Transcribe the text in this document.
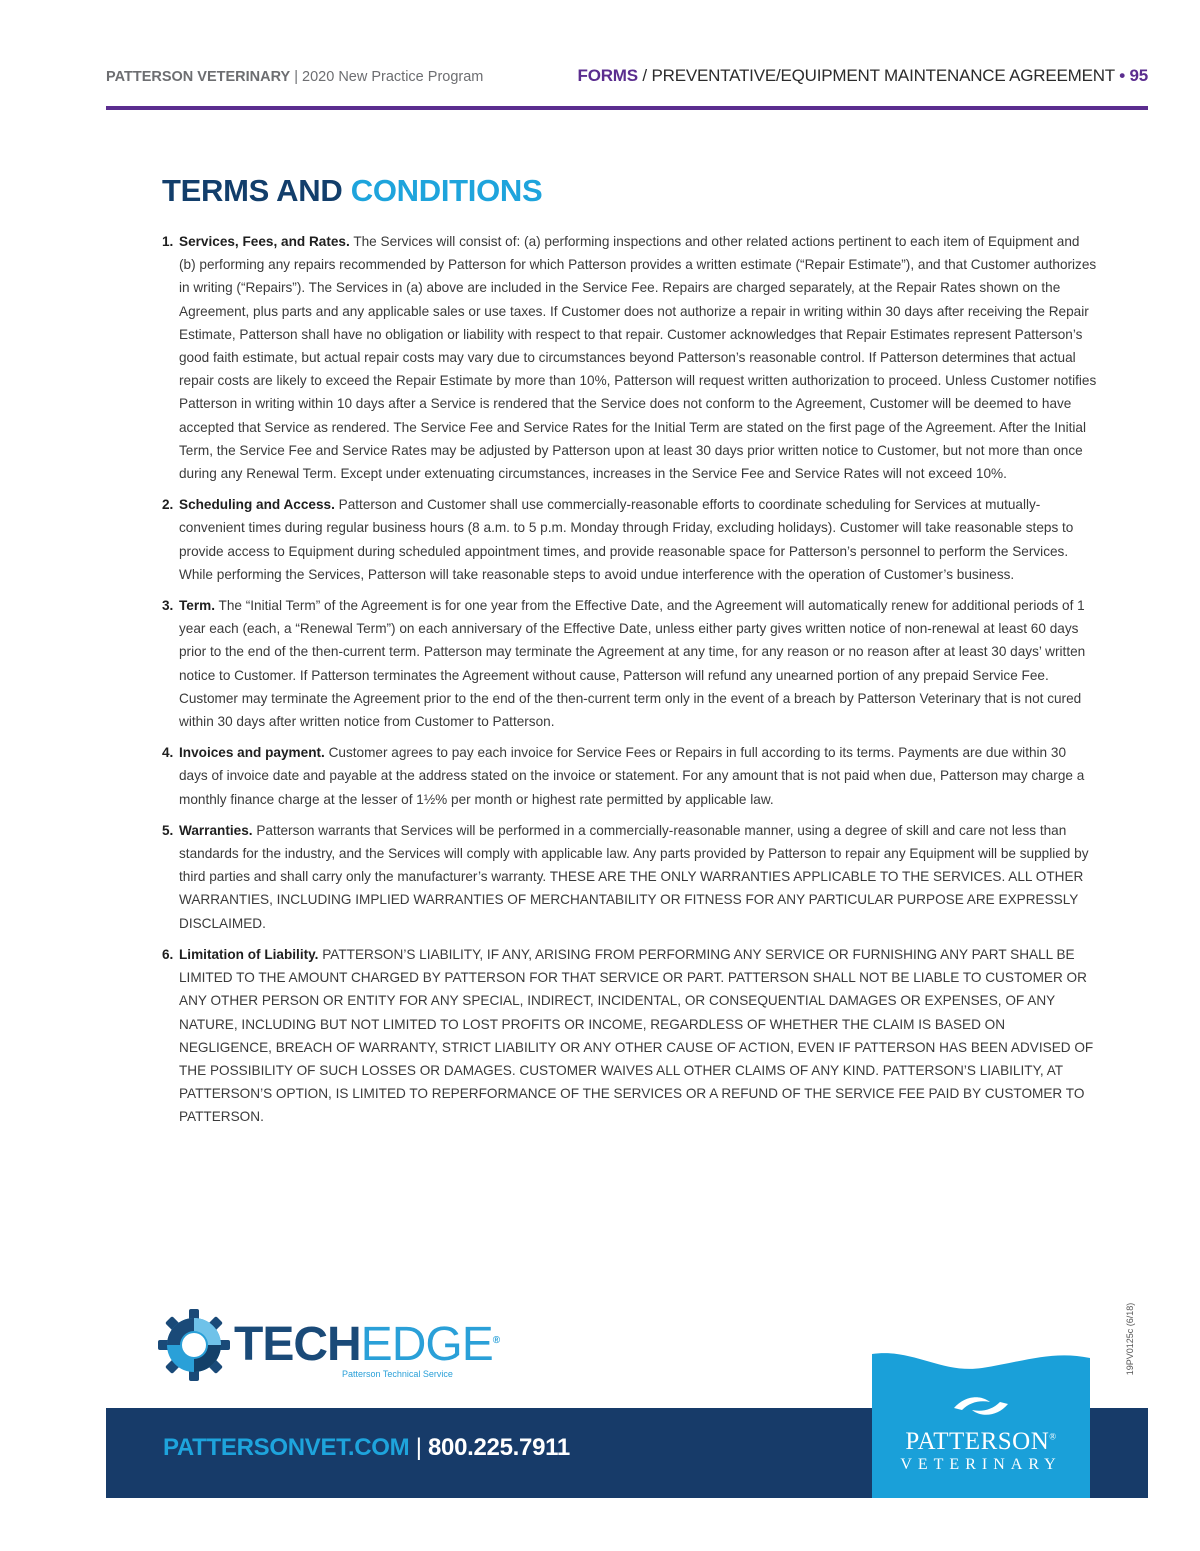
PATTERSON VETERINARY | 2020 New Practice Program	FORMS / PREVENTATIVE/EQUIPMENT MAINTENANCE AGREEMENT • 95
TERMS AND CONDITIONS
1. Services, Fees, and Rates. The Services will consist of: (a) performing inspections and other related actions pertinent to each item of Equipment and (b) performing any repairs recommended by Patterson for which Patterson provides a written estimate (“Repair Estimate”), and that Customer authorizes in writing (“Repairs”). The Services in (a) above are included in the Service Fee. Repairs are charged separately, at the Repair Rates shown on the Agreement, plus parts and any applicable sales or use taxes. If Customer does not authorize a repair in writing within 30 days after receiving the Repair Estimate, Patterson shall have no obligation or liability with respect to that repair. Customer acknowledges that Repair Estimates represent Patterson’s good faith estimate, but actual repair costs may vary due to circumstances beyond Patterson’s reasonable control. If Patterson determines that actual repair costs are likely to exceed the Repair Estimate by more than 10%, Patterson will request written authorization to proceed. Unless Customer notifies Patterson in writing within 10 days after a Service is rendered that the Service does not conform to the Agreement, Customer will be deemed to have accepted that Service as rendered. The Service Fee and Service Rates for the Initial Term are stated on the first page of the Agreement. After the Initial Term, the Service Fee and Service Rates may be adjusted by Patterson upon at least 30 days prior written notice to Customer, but not more than once during any Renewal Term. Except under extenuating circumstances, increases in the Service Fee and Service Rates will not exceed 10%.
2. Scheduling and Access. Patterson and Customer shall use commercially-reasonable efforts to coordinate scheduling for Services at mutually-convenient times during regular business hours (8 a.m. to 5 p.m. Monday through Friday, excluding holidays). Customer will take reasonable steps to provide access to Equipment during scheduled appointment times, and provide reasonable space for Patterson’s personnel to perform the Services. While performing the Services, Patterson will take reasonable steps to avoid undue interference with the operation of Customer’s business.
3. Term. The “Initial Term” of the Agreement is for one year from the Effective Date, and the Agreement will automatically renew for additional periods of 1 year each (each, a “Renewal Term”) on each anniversary of the Effective Date, unless either party gives written notice of non-renewal at least 60 days prior to the end of the then-current term. Patterson may terminate the Agreement at any time, for any reason or no reason after at least 30 days’ written notice to Customer. If Patterson terminates the Agreement without cause, Patterson will refund any unearned portion of any prepaid Service Fee. Customer may terminate the Agreement prior to the end of the then-current term only in the event of a breach by Patterson Veterinary that is not cured within 30 days after written notice from Customer to Patterson.
4. Invoices and payment. Customer agrees to pay each invoice for Service Fees or Repairs in full according to its terms. Payments are due within 30 days of invoice date and payable at the address stated on the invoice or statement. For any amount that is not paid when due, Patterson may charge a monthly finance charge at the lesser of 1½% per month or highest rate permitted by applicable law.
5. Warranties. Patterson warrants that Services will be performed in a commercially-reasonable manner, using a degree of skill and care not less than standards for the industry, and the Services will comply with applicable law. Any parts provided by Patterson to repair any Equipment will be supplied by third parties and shall carry only the manufacturer’s warranty. THESE ARE THE ONLY WARRANTIES APPLICABLE TO THE SERVICES. ALL OTHER WARRANTIES, INCLUDING IMPLIED WARRANTIES OF MERCHANTABILITY OR FITNESS FOR ANY PARTICULAR PURPOSE ARE EXPRESSLY DISCLAIMED.
6. Limitation of Liability. PATTERSON’S LIABILITY, IF ANY, ARISING FROM PERFORMING ANY SERVICE OR FURNISHING ANY PART SHALL BE LIMITED TO THE AMOUNT CHARGED BY PATTERSON FOR THAT SERVICE OR PART. PATTERSON SHALL NOT BE LIABLE TO CUSTOMER OR ANY OTHER PERSON OR ENTITY FOR ANY SPECIAL, INDIRECT, INCIDENTAL, OR CONSEQUENTIAL DAMAGES OR EXPENSES, OF ANY NATURE, INCLUDING BUT NOT LIMITED TO LOST PROFITS OR INCOME, REGARDLESS OF WHETHER THE CLAIM IS BASED ON NEGLIGENCE, BREACH OF WARRANTY, STRICT LIABILITY OR ANY OTHER CAUSE OF ACTION, EVEN IF PATTERSON HAS BEEN ADVISED OF THE POSSIBILITY OF SUCH LOSSES OR DAMAGES. CUSTOMER WAIVES ALL OTHER CLAIMS OF ANY KIND. PATTERSON’S LIABILITY, AT PATTERSON’S OPTION, IS LIMITED TO REPERFORMANCE OF THE SERVICES OR A REFUND OF THE SERVICE FEE PAID BY CUSTOMER TO PATTERSON.
19PV0125c (6/18)
TECHEDGE®
Patterson Technical Service
PATTERSONVET.COM | 800.225.7911	PATTERSON®
VETERINARY
